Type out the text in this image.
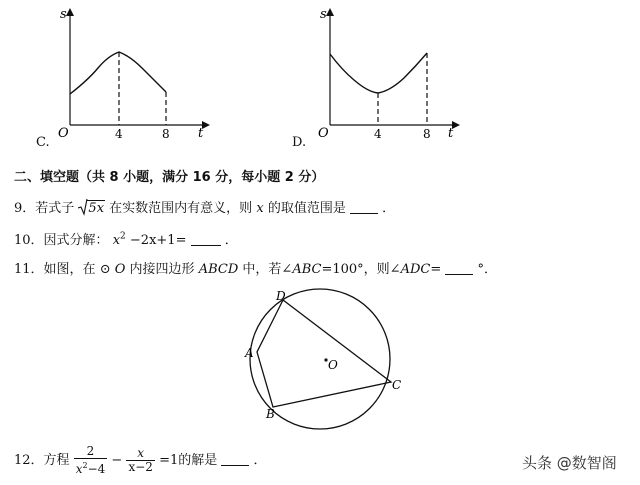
s
t
O	4	8
C.
s
t
O	4	8
D.
二、填空题（共 8 小题，满分 16 分，每小题 2 分）
9．若式子 5x 在实数范围内有意义，则 x 的取值范围是	．
10．因式分解： $x^2 -2x+1=$	．
11．如图，在 ⊙ O 内接四边形 ABCD 中，若∠ABC=100°，则∠ADC=	°．
D
A
B
C
O
12．方程 $\frac{2}{x^2-4} - \frac{x}{x-2} =1$的解是	．	头条 @数智阁
